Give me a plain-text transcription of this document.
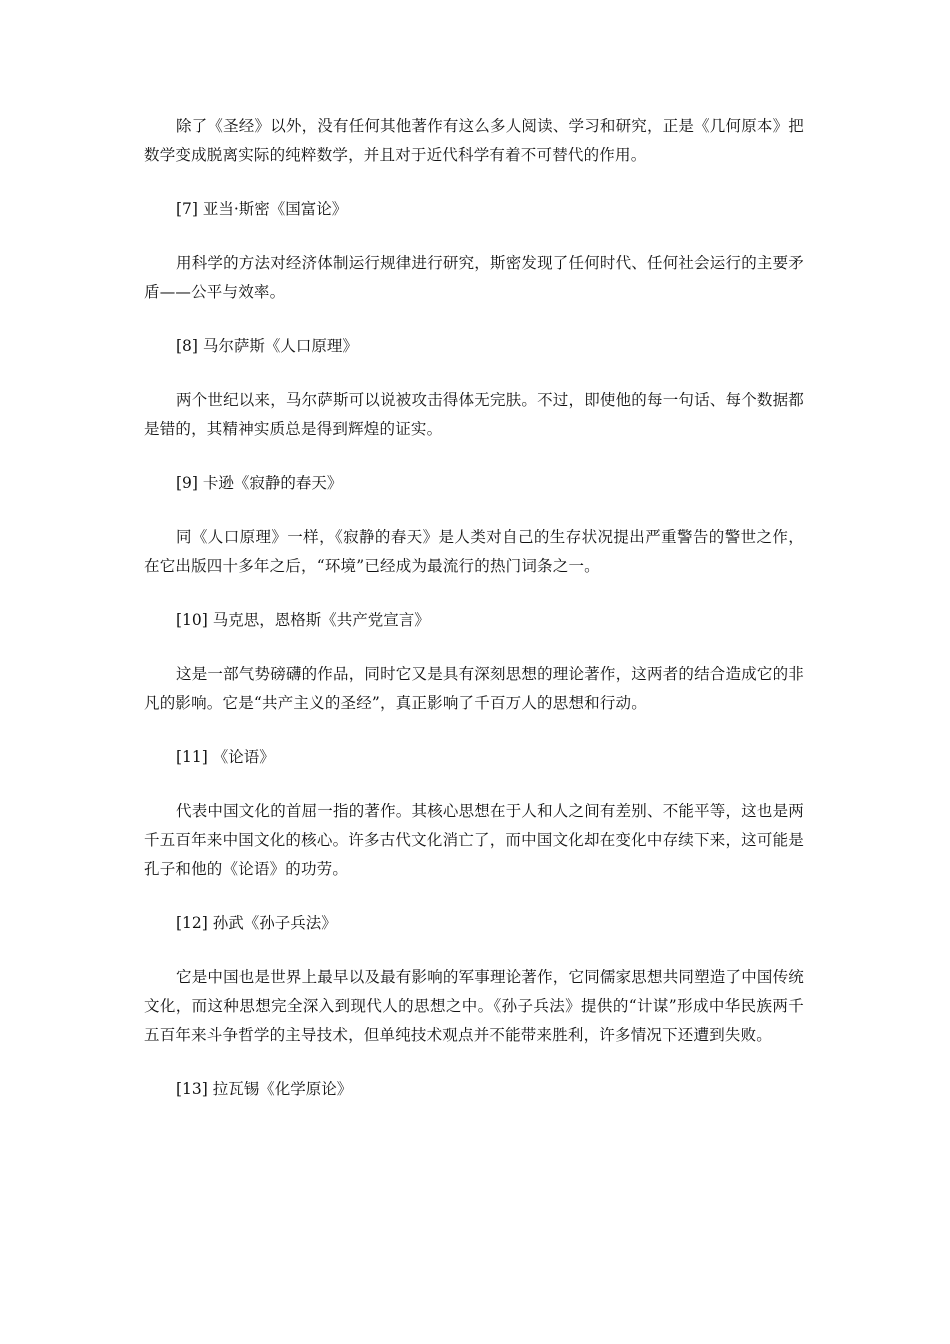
除了《圣经》以外，没有任何其他著作有这么多人阅读、学习和研究，正是《几何原本》把数学变成脱离实际的纯粹数学，并且对于近代科学有着不可替代的作用。

[7] 亚当·斯密《国富论》

用科学的方法对经济体制运行规律进行研究，斯密发现了任何时代、任何社会运行的主要矛盾——公平与效率。

[8] 马尔萨斯《人口原理》

两个世纪以来，马尔萨斯可以说被攻击得体无完肤。不过，即使他的每一句话、每个数据都是错的，其精神实质总是得到辉煌的证实。

[9] 卡逊《寂静的春天》

同《人口原理》一样，《寂静的春天》是人类对自己的生存状况提出严重警告的警世之作，在它出版四十多年之后，“环境”已经成为最流行的热门词条之一。

[10] 马克思，恩格斯《共产党宣言》

这是一部气势磅礴的作品，同时它又是具有深刻思想的理论著作，这两者的结合造成它的非凡的影响。它是“共产主义的圣经”，真正影响了千百万人的思想和行动。

[11] 《论语》

代表中国文化的首屈一指的著作。其核心思想在于人和人之间有差别、不能平等，这也是两千五百年来中国文化的核心。许多古代文化消亡了，而中国文化却在变化中存续下来，这可能是孔子和他的《论语》的功劳。

[12] 孙武《孙子兵法》

它是中国也是世界上最早以及最有影响的军事理论著作，它同儒家思想共同塑造了中国传统文化，而这种思想完全深入到现代人的思想之中。《孙子兵法》提供的“计谋”形成中华民族两千五百年来斗争哲学的主导技术，但单纯技术观点并不能带来胜利，许多情况下还遭到失败。

[13] 拉瓦锡《化学原论》
